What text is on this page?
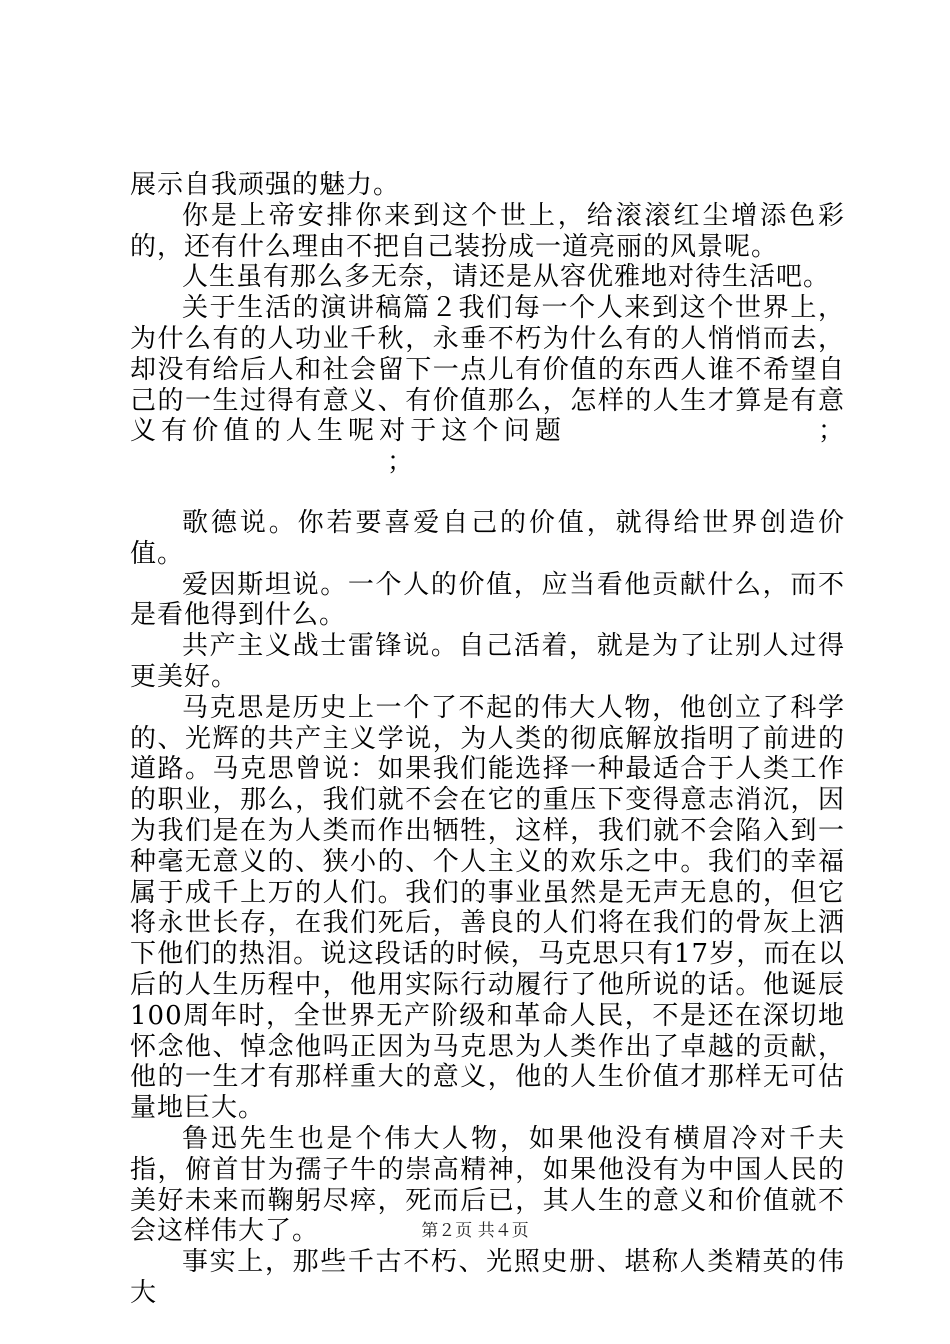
展示自我顽强的魅力。

你是上帝安排你来到这个世上，给滚滚红尘增添色彩的，还有什么理由不把自己装扮成一道亮丽的风景呢。

人生虽有那么多无奈，请还是从容优雅地对待生活吧。

关于生活的演讲稿篇２我们每一个人来到这个世界上，为什么有的人功业千秋，永垂不朽为什么有的人悄悄而去，却没有给后人和社会留下一点儿有价值的东西人谁不希望自己的一生过得有意义、有价值那么，怎样的人生才算是有意义有价值的人生呢对于这个问题	；；

歌德说。你若要喜爱自己的价值，就得给世界创造价值。

爱因斯坦说。一个人的价值，应当看他贡献什么，而不是看他得到什么。

共产主义战士雷锋说。自己活着，就是为了让别人过得更美好。

马克思是历史上一个了不起的伟大人物，他创立了科学的、光辉的共产主义学说，为人类的彻底解放指明了前进的道路。马克思曾说：如果我们能选择一种最适合于人类工作的职业，那么，我们就不会在它的重压下变得意志消沉，因为我们是在为人类而作出牺牲，这样，我们就不会陷入到一种毫无意义的、狭小的、个人主义的欢乐之中。我们的幸福属于成千上万的人们。我们的事业虽然是无声无息的，但它将永世长存，在我们死后，善良的人们将在我们的骨灰上洒下他们的热泪。说这段话的时候，马克思只有17岁，而在以后的人生历程中，他用实际行动履行了他所说的话。他诞辰100周年时，全世界无产阶级和革命人民，不是还在深切地怀念他、悼念他吗正因为马克思为人类作出了卓越的贡献，他的一生才有那样重大的意义，他的人生价值才那样无可估量地巨大。

鲁迅先生也是个伟大人物，如果他没有横眉冷对千夫指，俯首甘为孺子牛的崇高精神，如果他没有为中国人民的美好未来而鞠躬尽瘁，死而后已，其人生的意义和价值就不会这样伟大了。

事实上，那些千古不朽、光照史册、堪称人类精英的伟大

第２页 共４页
